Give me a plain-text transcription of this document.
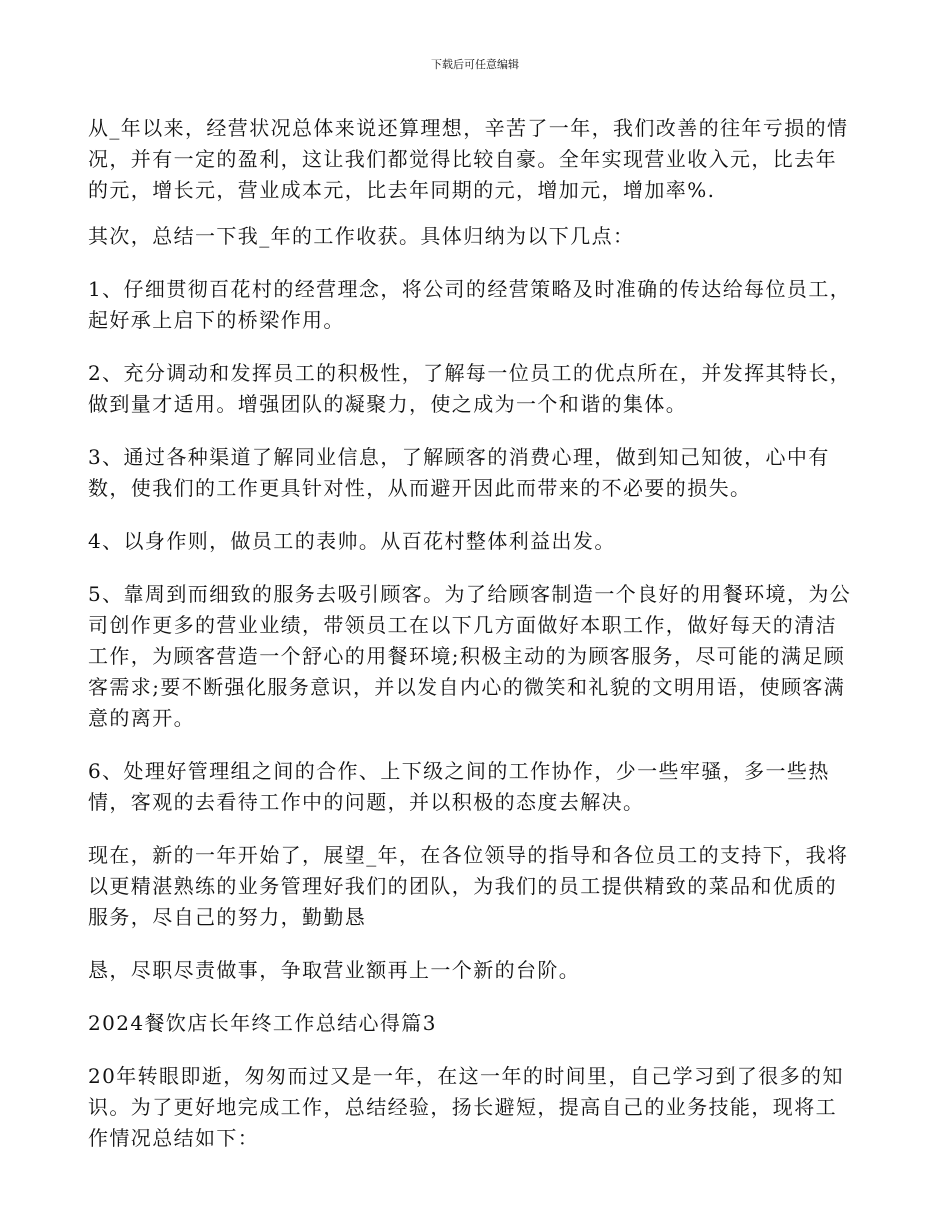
下载后可任意编辑
从_年以来，经营状况总体来说还算理想，辛苦了一年，我们改善的往年亏损的情
况，并有一定的盈利，这让我们都觉得比较自豪。全年实现营业收入元，比去年
的元，增长元，营业成本元，比去年同期的元，增加元，增加率%.
其次，总结一下我_年的工作收获。具体归纳为以下几点：
1、仔细贯彻百花村的经营理念，将公司的经营策略及时准确的传达给每位员工，
起好承上启下的桥梁作用。
2、充分调动和发挥员工的积极性，了解每一位员工的优点所在，并发挥其特长，
做到量才适用。增强团队的凝聚力，使之成为一个和谐的集体。
3、通过各种渠道了解同业信息，了解顾客的消费心理，做到知己知彼，心中有
数，使我们的工作更具针对性，从而避开因此而带来的不必要的损失。
4、以身作则，做员工的表帅。从百花村整体利益出发。
5、靠周到而细致的服务去吸引顾客。为了给顾客制造一个良好的用餐环境，为公
司创作更多的营业业绩，带领员工在以下几方面做好本职工作，做好每天的清洁
工作，为顾客营造一个舒心的用餐环境;积极主动的为顾客服务，尽可能的满足顾
客需求;要不断强化服务意识，并以发自内心的微笑和礼貌的文明用语，使顾客满
意的离开。
6、处理好管理组之间的合作、上下级之间的工作协作，少一些牢骚，多一些热
情，客观的去看待工作中的问题，并以积极的态度去解决。
现在，新的一年开始了，展望_年，在各位领导的指导和各位员工的支持下，我将
以更精湛熟练的业务管理好我们的团队，为我们的员工提供精致的菜品和优质的
服务，尽自己的努力，勤勤恳
恳，尽职尽责做事，争取营业额再上一个新的台阶。
2024餐饮店长年终工作总结心得篇3
20年转眼即逝，匆匆而过又是一年，在这一年的时间里，自己学习到了很多的知
识。为了更好地完成工作，总结经验，扬长避短，提高自己的业务技能，现将工
作情况总结如下：
